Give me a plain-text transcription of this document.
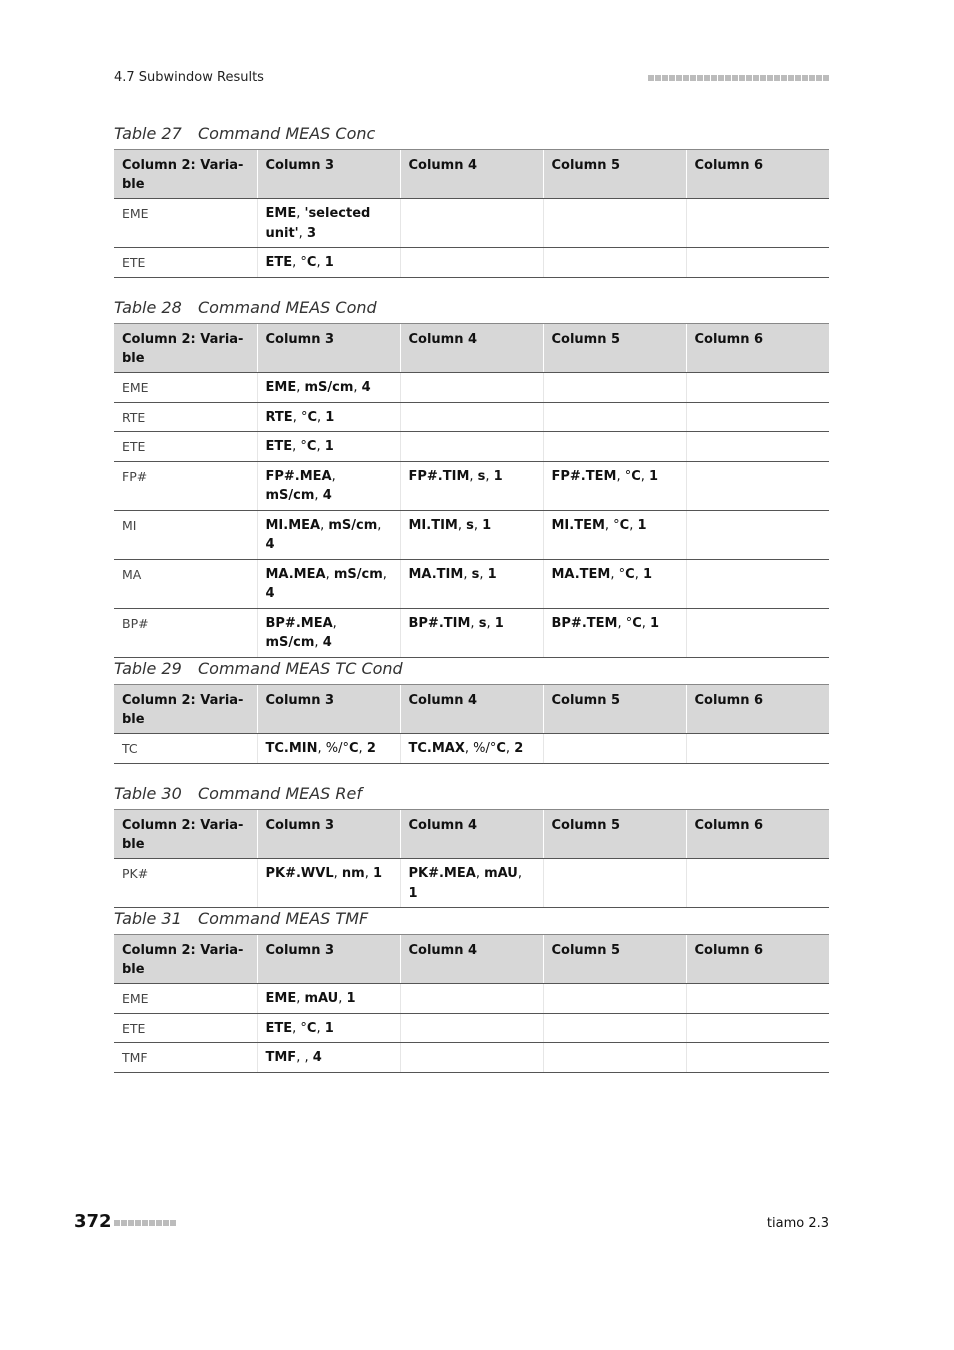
4.7 Subwindow Results
Table 27 Command MEAS Conc
Column 2: Varia-ble	Column 3	Column 4	Column 5	Column 6
EME	EME, 'selected unit', 3			
ETE	ETE, °C, 1			
Table 28 Command MEAS Cond
Column 2: Varia-ble	Column 3	Column 4	Column 5	Column 6
EME	EME, mS/cm, 4			
RTE	RTE, °C, 1			
ETE	ETE, °C, 1			
FP#	FP#.MEA, mS/cm, 4	FP#.TIM, s, 1	FP#.TEM, °C, 1	
MI	MI.MEA, mS/cm, 4	MI.TIM, s, 1	MI.TEM, °C, 1	
MA	MA.MEA, mS/cm, 4	MA.TIM, s, 1	MA.TEM, °C, 1	
BP#	BP#.MEA, mS/cm, 4	BP#.TIM, s, 1	BP#.TEM, °C, 1	
Table 29 Command MEAS TC Cond
Column 2: Varia-ble	Column 3	Column 4	Column 5	Column 6
TC	TC.MIN, %/°C, 2	TC.MAX, %/°C, 2		
Table 30 Command MEAS Ref
Column 2: Varia-ble	Column 3	Column 4	Column 5	Column 6
PK#	PK#.WVL, nm, 1	PK#.MEA, mAU, 1		
Table 31 Command MEAS TMF
Column 2: Varia-ble	Column 3	Column 4	Column 5	Column 6
EME	EME, mAU, 1			
ETE	ETE, °C, 1			
TMF	TMF, , 4			
372	tiamo 2.3
